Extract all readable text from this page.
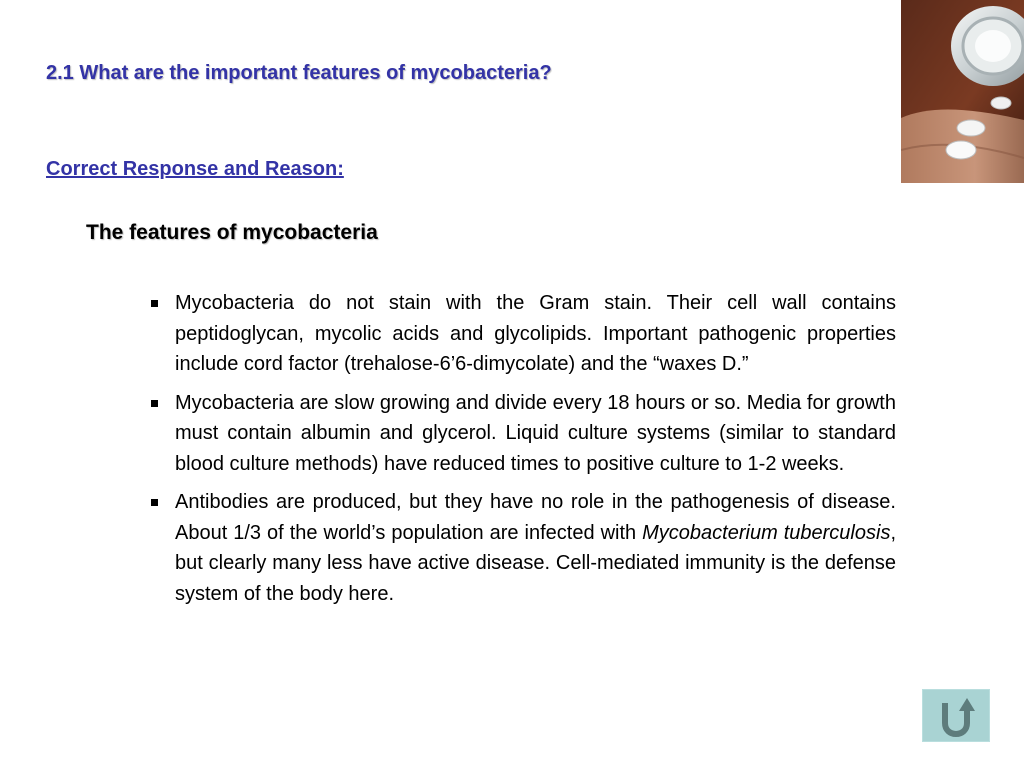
2.1 What are the important features of mycobacteria?
Correct Response and Reason:
The features of mycobacteria
Mycobacteria do not stain with the Gram stain. Their cell wall contains peptidoglycan, mycolic acids and glycolipids. Important pathogenic properties include cord factor (trehalose-6’6-dimycolate) and the “waxes D.”
Mycobacteria are slow growing and divide every 18 hours or so. Media for growth must contain albumin and glycerol. Liquid culture systems (similar to standard blood culture methods) have reduced times to positive culture to 1-2 weeks.
Antibodies are produced, but they have no role in the pathogenesis of disease. About 1/3 of the world’s population are infected with Mycobacterium tuberculosis, but clearly many less have active disease. Cell-mediated immunity is the defense system of the body here.
